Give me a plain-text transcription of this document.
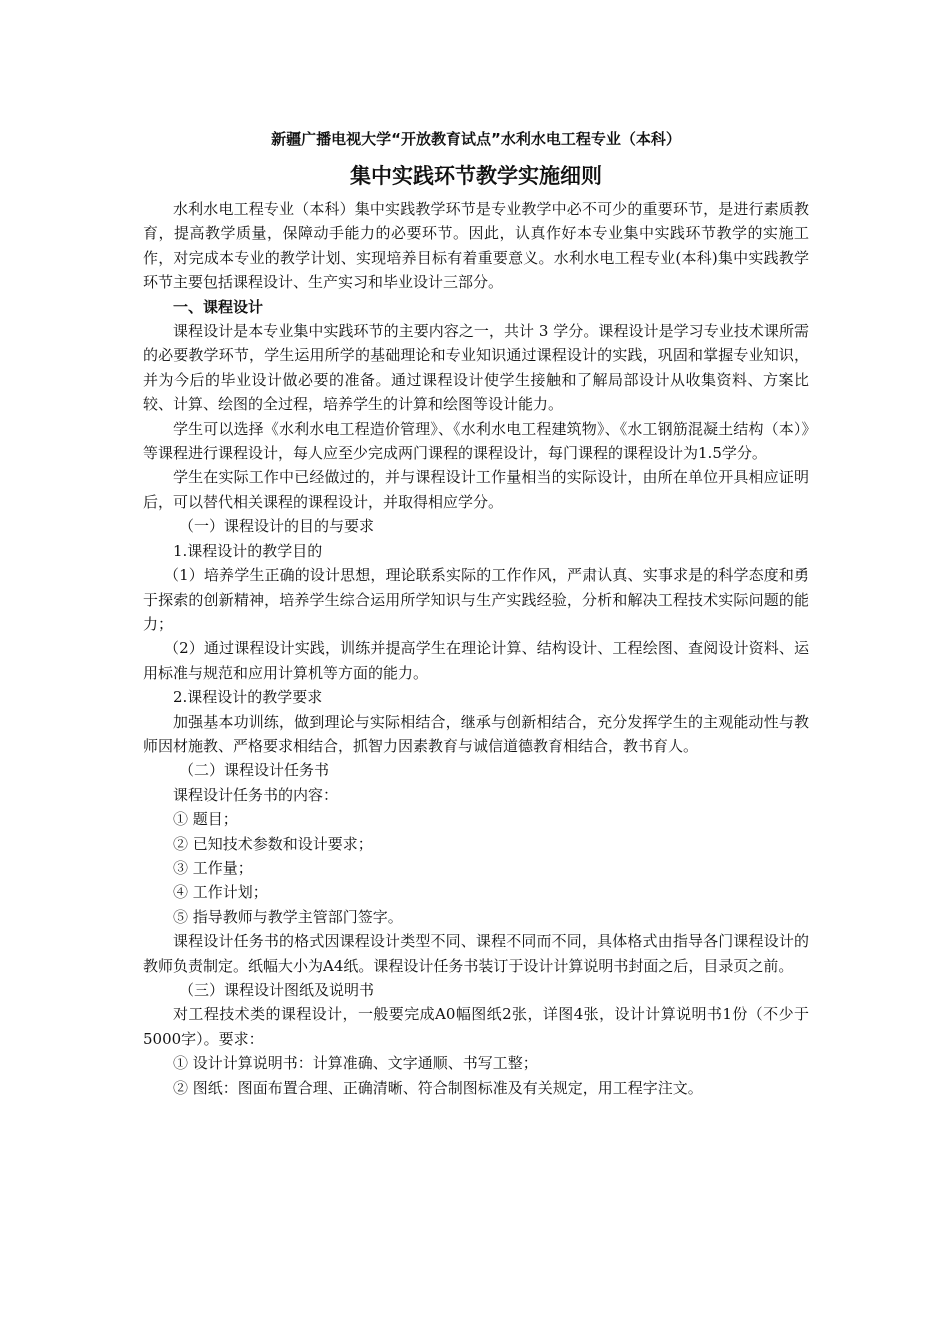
新疆广播电视大学“开放教育试点”水利水电工程专业（本科）
集中实践环节教学实施细则

水利水电工程专业（本科）集中实践教学环节是专业教学中必不可少的重要环节，是进行素质教育，提高教学质量，保障动手能力的必要环节。因此，认真作好本专业集中实践环节教学的实施工作，对完成本专业的教学计划、实现培养目标有着重要意义。水利水电工程专业(本科)集中实践教学环节主要包括课程设计、生产实习和毕业设计三部分。

一、课程设计

课程设计是本专业集中实践环节的主要内容之一，共计 3 学分。课程设计是学习专业技术课所需的必要教学环节，学生运用所学的基础理论和专业知识通过课程设计的实践，巩固和掌握专业知识，并为今后的毕业设计做必要的准备。通过课程设计使学生接触和了解局部设计从收集资料、方案比较、计算、绘图的全过程，培养学生的计算和绘图等设计能力。

学生可以选择《水利水电工程造价管理》、《水利水电工程建筑物》、《水工钢筋混凝土结构（本）》等课程进行课程设计，每人应至少完成两门课程的课程设计，每门课程的课程设计为1.5学分。

学生在实际工作中已经做过的，并与课程设计工作量相当的实际设计，由所在单位开具相应证明后，可以替代相关课程的课程设计，并取得相应学分。

（一）课程设计的目的与要求

1.课程设计的教学目的

（1）培养学生正确的设计思想，理论联系实际的工作作风，严肃认真、实事求是的科学态度和勇于探索的创新精神，培养学生综合运用所学知识与生产实践经验，分析和解决工程技术实际问题的能力；

（2）通过课程设计实践，训练并提高学生在理论计算、结构设计、工程绘图、查阅设计资料、运用标准与规范和应用计算机等方面的能力。

2.课程设计的教学要求

加强基本功训练，做到理论与实际相结合，继承与创新相结合，充分发挥学生的主观能动性与教师因材施教、严格要求相结合，抓智力因素教育与诚信道德教育相结合，教书育人。

（二）课程设计任务书

课程设计任务书的内容：

① 题目；

② 已知技术参数和设计要求；

③ 工作量；

④ 工作计划；

⑤ 指导教师与教学主管部门签字。

课程设计任务书的格式因课程设计类型不同、课程不同而不同，具体格式由指导各门课程设计的教师负责制定。纸幅大小为A4纸。课程设计任务书装订于设计计算说明书封面之后，目录页之前。

（三）课程设计图纸及说明书

对工程技术类的课程设计，一般要完成A0幅图纸2张，详图4张，设计计算说明书1份（不少于5000字）。要求：

① 设计计算说明书：计算准确、文字通顺、书写工整；

② 图纸：图面布置合理、正确清晰、符合制图标准及有关规定，用工程字注文。
